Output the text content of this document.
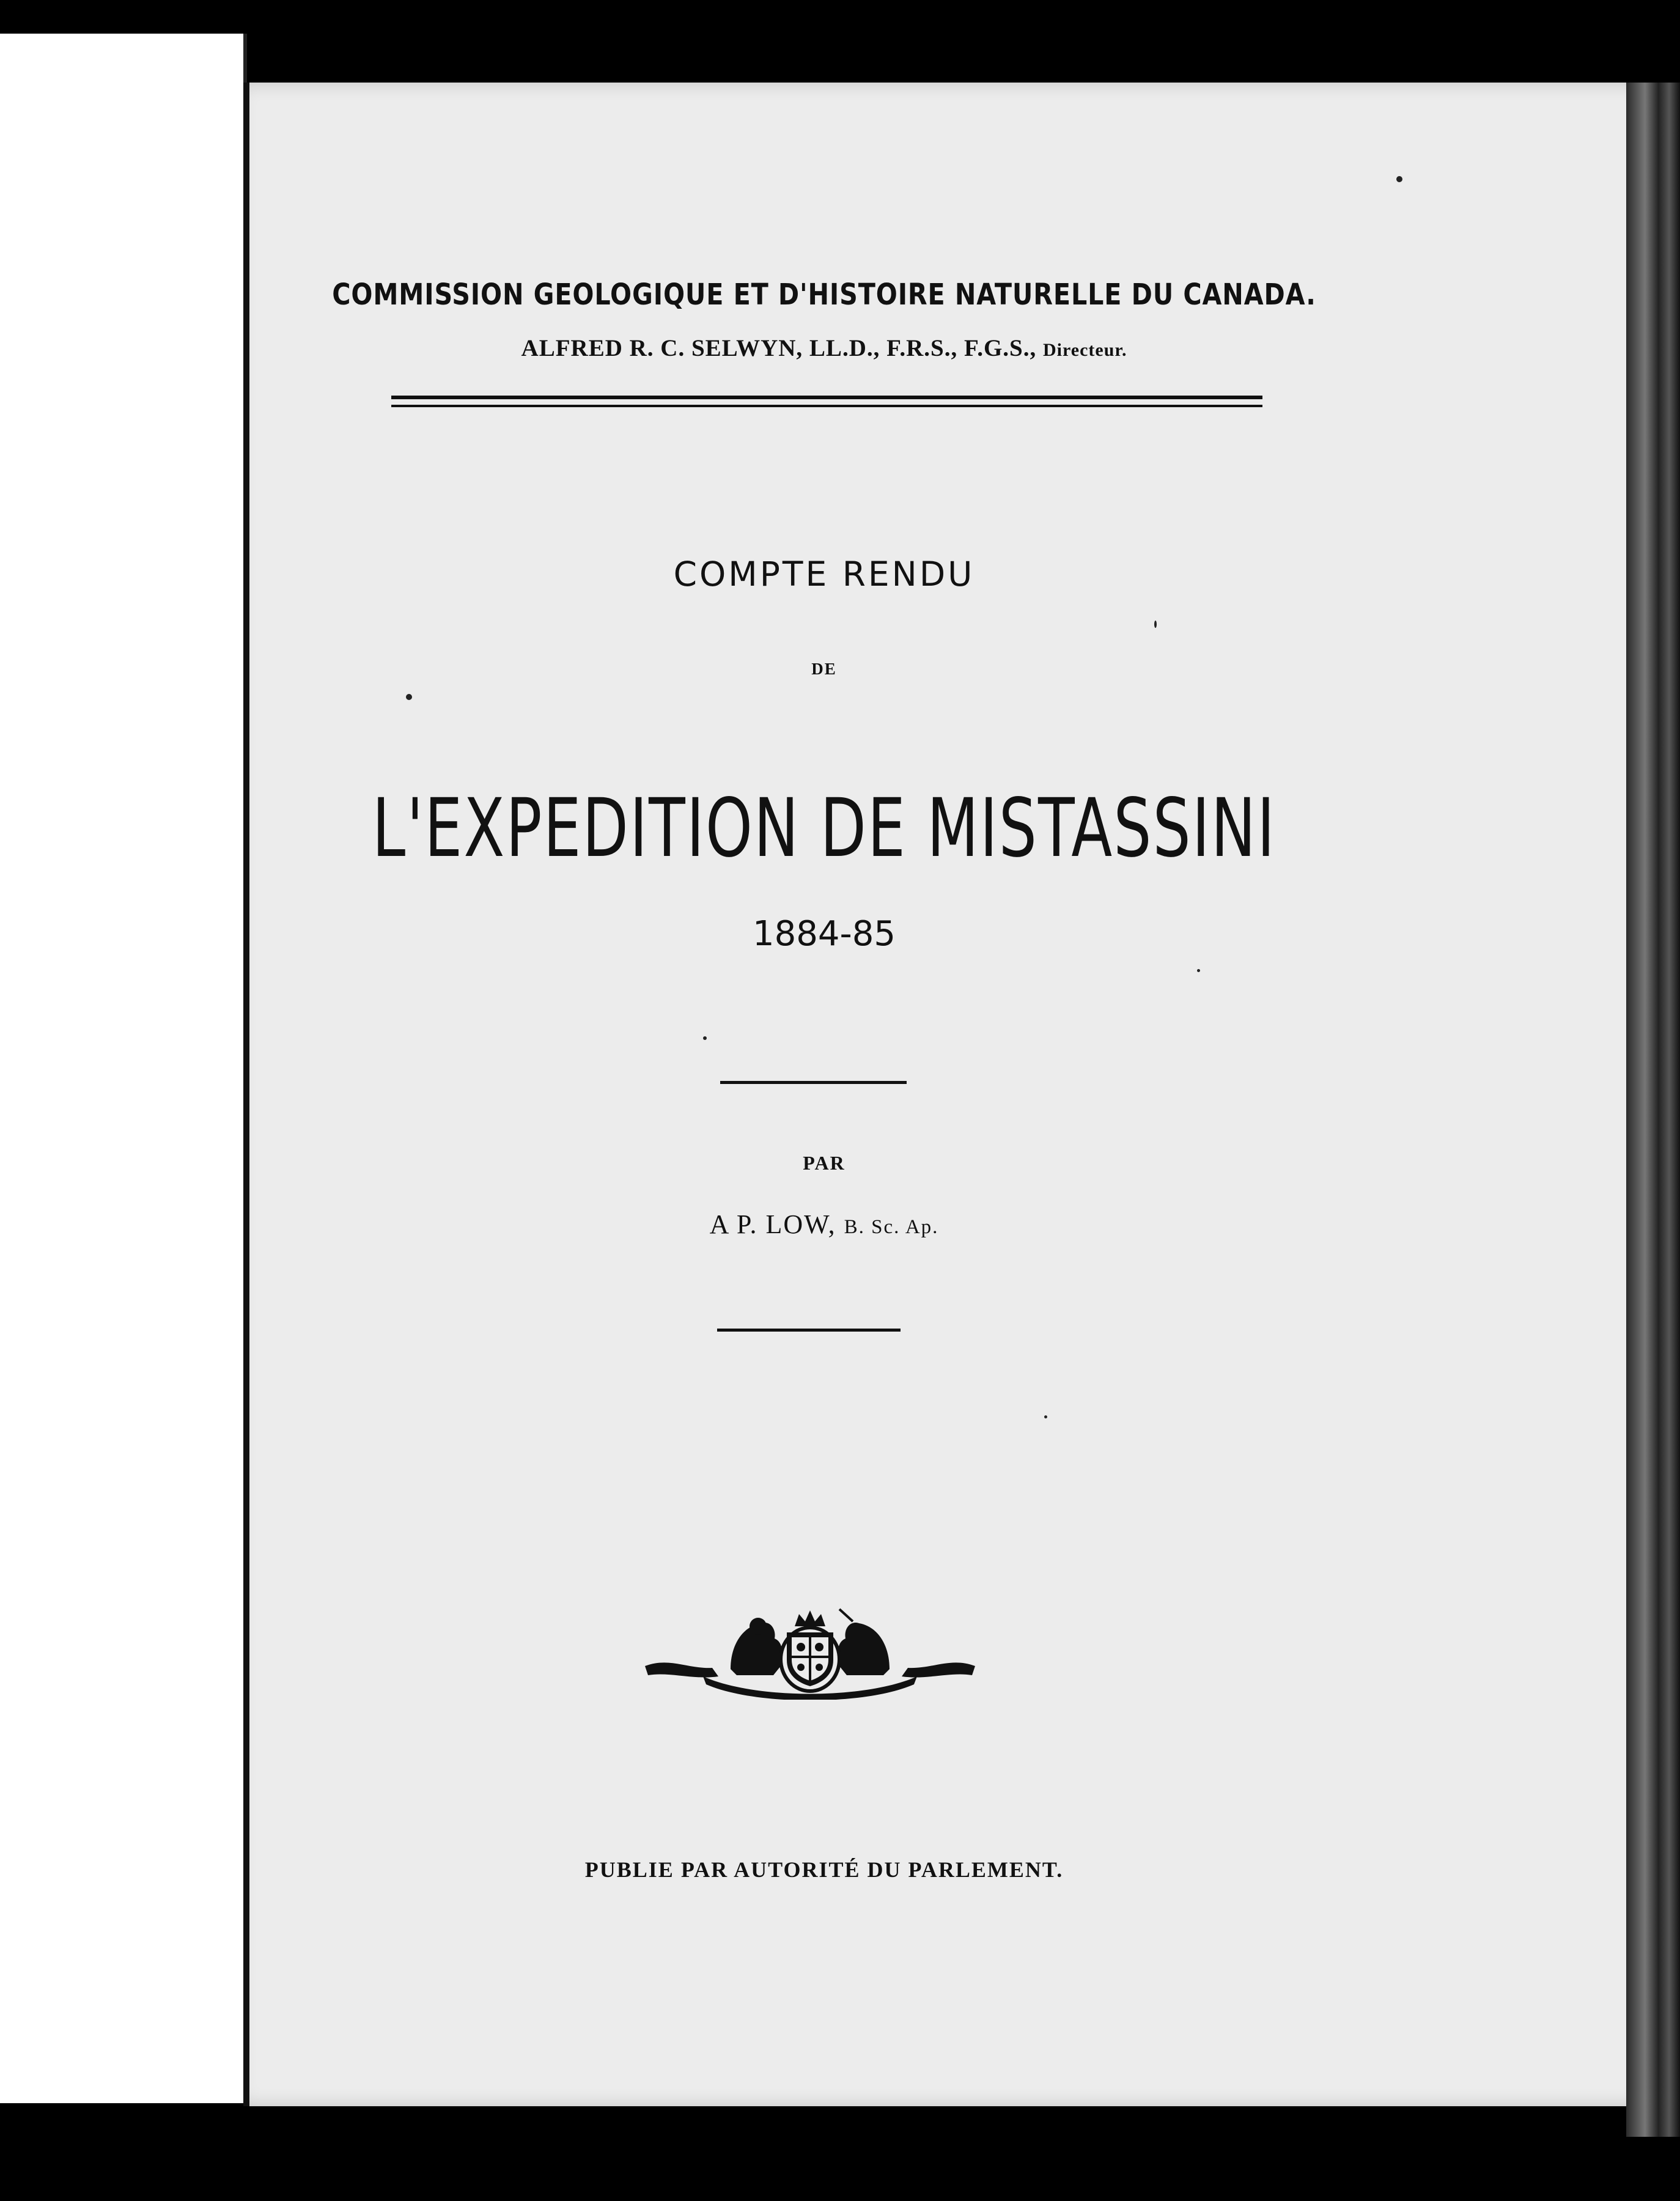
COMMISSION GEOLOGIQUE ET D'HISTOIRE NATURELLE DU CANADA.
ALFRED R. C. SELWYN, LL.D., F.R.S., F.G.S., Directeur.
COMPTE RENDU
DE
L'EXPEDITION DE MISTASSINI
1884-85
PAR
A P. LOW, B. Sc. Ap.
PUBLIE PAR AUTORITÉ DU PARLEMENT.
